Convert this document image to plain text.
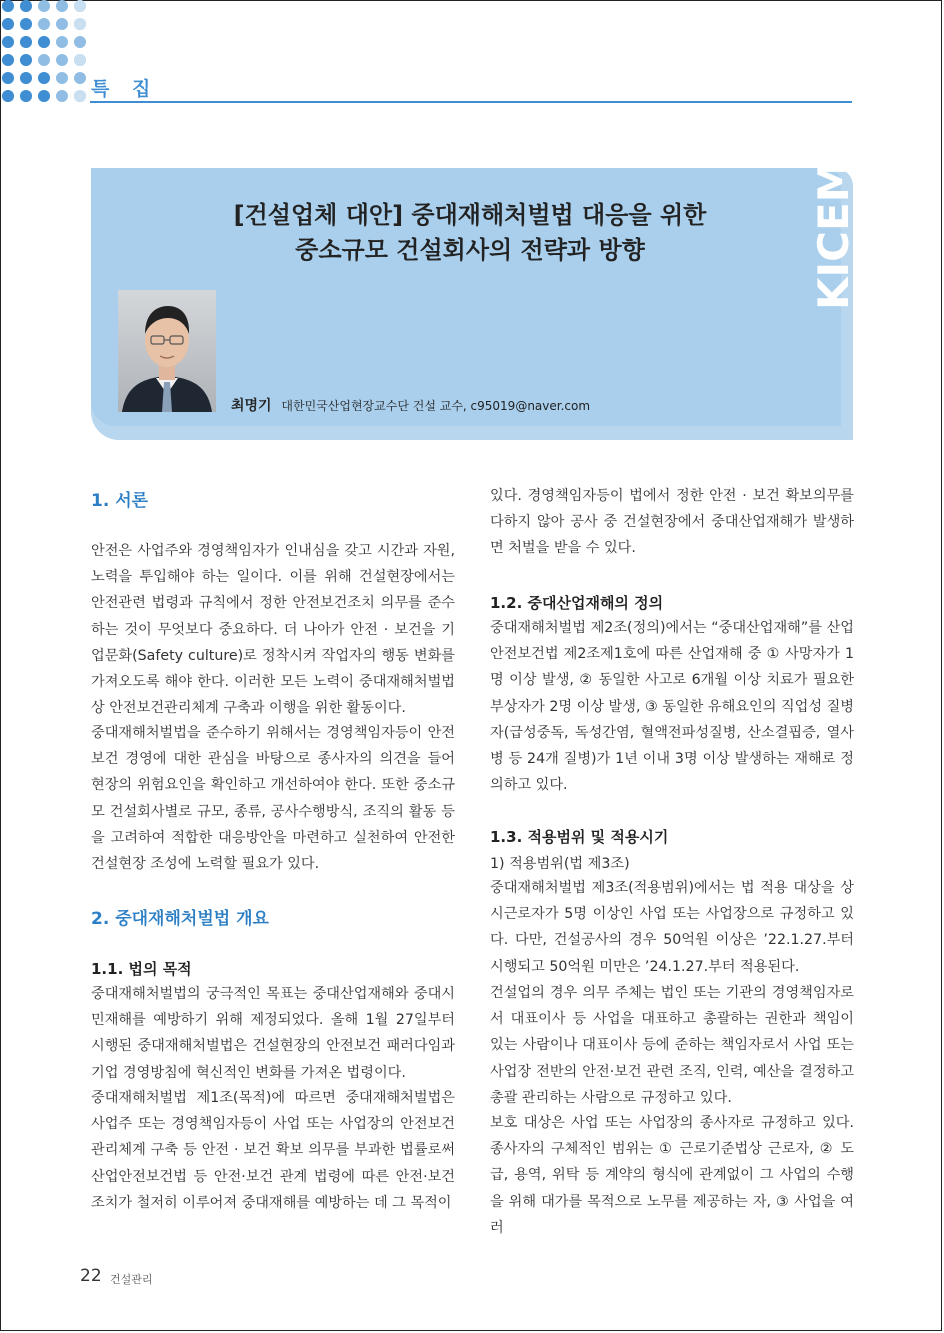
특 집
KICEM
[건설업체 대안] 중대재해처벌법 대응을 위한
중소규모 건설회사의 전략과 방향
최명기 대한민국산업현장교수단 건설 교수, c95019@naver.com
1. 서론
안전은 사업주와 경영책임자가 인내심을 갖고 시간과 자원, 노력을 투입해야 하는 일이다. 이를 위해 건설현장에서는 안전관련 법령과 규칙에서 정한 안전보건조치 의무를 준수하는 것이 무엇보다 중요하다. 더 나아가 안전 · 보건을 기업문화(Safety culture)로 정착시켜 작업자의 행동 변화를 가져오도록 해야 한다. 이러한 모든 노력이 중대재해처벌법상 안전보건관리체계 구축과 이행을 위한 활동이다.
중대재해처벌법을 준수하기 위해서는 경영책임자등이 안전보건 경영에 대한 관심을 바탕으로 종사자의 의견을 들어 현장의 위험요인을 확인하고 개선하여야 한다. 또한 중소규모 건설회사별로 규모, 종류, 공사수행방식, 조직의 활동 등을 고려하여 적합한 대응방안을 마련하고 실천하여 안전한 건설현장 조성에 노력할 필요가 있다.
2. 중대재해처벌법 개요
1.1. 법의 목적
중대재해처벌법의 궁극적인 목표는 중대산업재해와 중대시민재해를 예방하기 위해 제정되었다. 올해 1월 27일부터 시행된 중대재해처벌법은 건설현장의 안전보건 패러다임과 기업 경영방침에 혁신적인 변화를 가져온 법령이다.
중대재해처벌법 제1조(목적)에 따르면 중대재해처벌법은 사업주 또는 경영책임자등이 사업 또는 사업장의 안전보건관리체계 구축 등 안전 · 보건 확보 의무를 부과한 법률로써 산업안전보건법 등 안전·보건 관계 법령에 따른 안전·보건 조치가 철저히 이루어져 중대재해를 예방하는 데 그 목적이
있다. 경영책임자등이 법에서 정한 안전 · 보건 확보의무를 다하지 않아 공사 중 건설현장에서 중대산업재해가 발생하면 처벌을 받을 수 있다.
1.2. 중대산업재해의 정의
중대재해처벌법 제2조(정의)에서는 “중대산업재해”를 산업안전보건법 제2조제1호에 따른 산업재해 중 ① 사망자가 1명 이상 발생, ② 동일한 사고로 6개월 이상 치료가 필요한 부상자가 2명 이상 발생, ③ 동일한 유해요인의 직업성 질병자(급성중독, 독성간염, 혈액전파성질병, 산소결핍증, 열사병 등 24개 질병)가 1년 이내 3명 이상 발생하는 재해로 정의하고 있다.
1.3. 적용범위 및 적용시기
1) 적용범위(법 제3조)
중대재해처벌법 제3조(적용범위)에서는 법 적용 대상을 상시근로자가 5명 이상인 사업 또는 사업장으로 규정하고 있다. 다만, 건설공사의 경우 50억원 이상은 ’22.1.27.부터 시행되고 50억원 미만은 ’24.1.27.부터 적용된다.
건설업의 경우 의무 주체는 법인 또는 기관의 경영책임자로서 대표이사 등 사업을 대표하고 총괄하는 권한과 책임이 있는 사람이나 대표이사 등에 준하는 책임자로서 사업 또는 사업장 전반의 안전·보건 관련 조직, 인력, 예산을 결정하고 총괄 관리하는 사람으로 규정하고 있다.
보호 대상은 사업 또는 사업장의 종사자로 규정하고 있다. 종사자의 구체적인 범위는 ① 근로기준법상 근로자, ② 도급, 용역, 위탁 등 계약의 형식에 관계없이 그 사업의 수행을 위해 대가를 목적으로 노무를 제공하는 자, ③ 사업을 여러
22 건설관리
